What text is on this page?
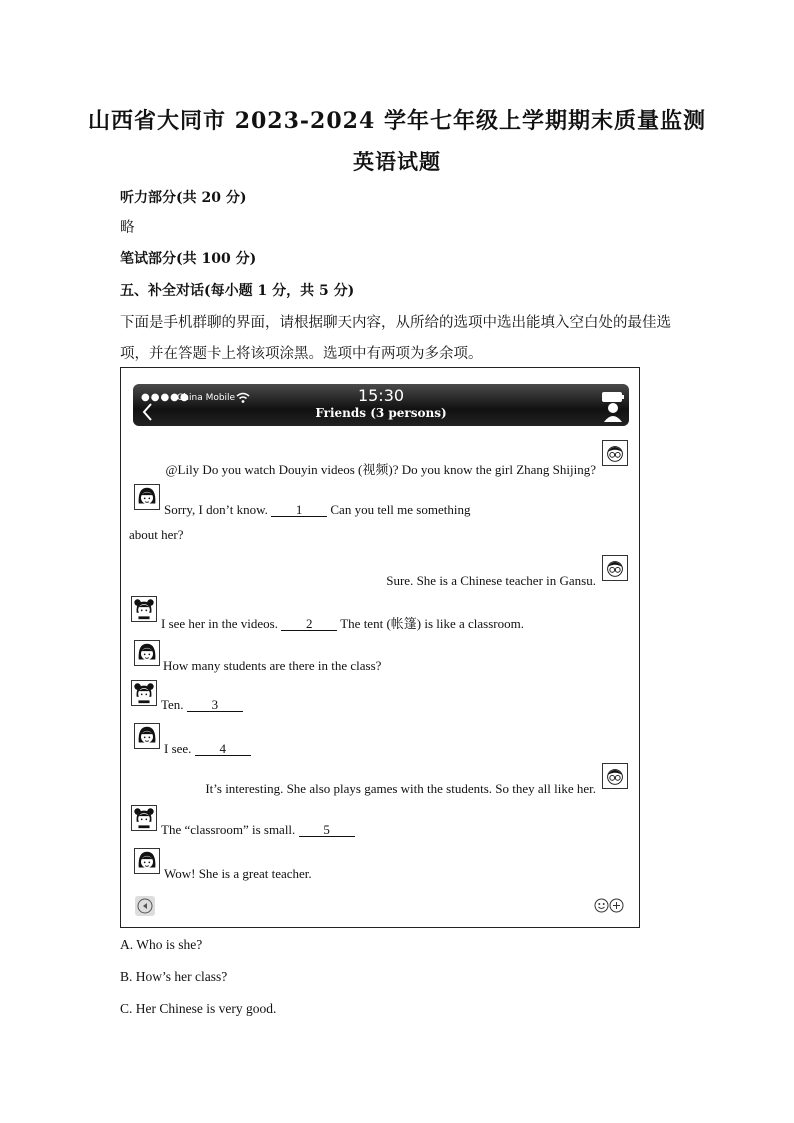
山西省大同市 2023-2024 学年七年级上学期期末质量监测
英语试题
听力部分(共 20 分)
略
笔试部分(共 100 分)
五、补全对话(每小题 1 分，共 5 分)
下面是手机群聊的界面，请根据聊天内容，从所给的选项中选出能填入空白处的最佳选
项，并在答题卡上将该项涂黑。选项中有两项为多余项。
●●●●●
China Mobile	15:30
Friends (3 persons)
@Lily Do you watch Douyin videos (视频)? Do you know the girl Zhang Shijing?
Sorry, I don’t know. 1 Can you tell me something
about her?
Sure. She is a Chinese teacher in Gansu.
I see her in the videos. 2 The tent (帐篷) is like a classroom.
How many students are there in the class?
Ten. 3
I see. 4
It’s interesting. She also plays games with the students. So they all like her.
The “classroom” is small. 5
Wow! She is a great teacher.
A. Who is she?
B. How’s her class?
C. Her Chinese is very good.
